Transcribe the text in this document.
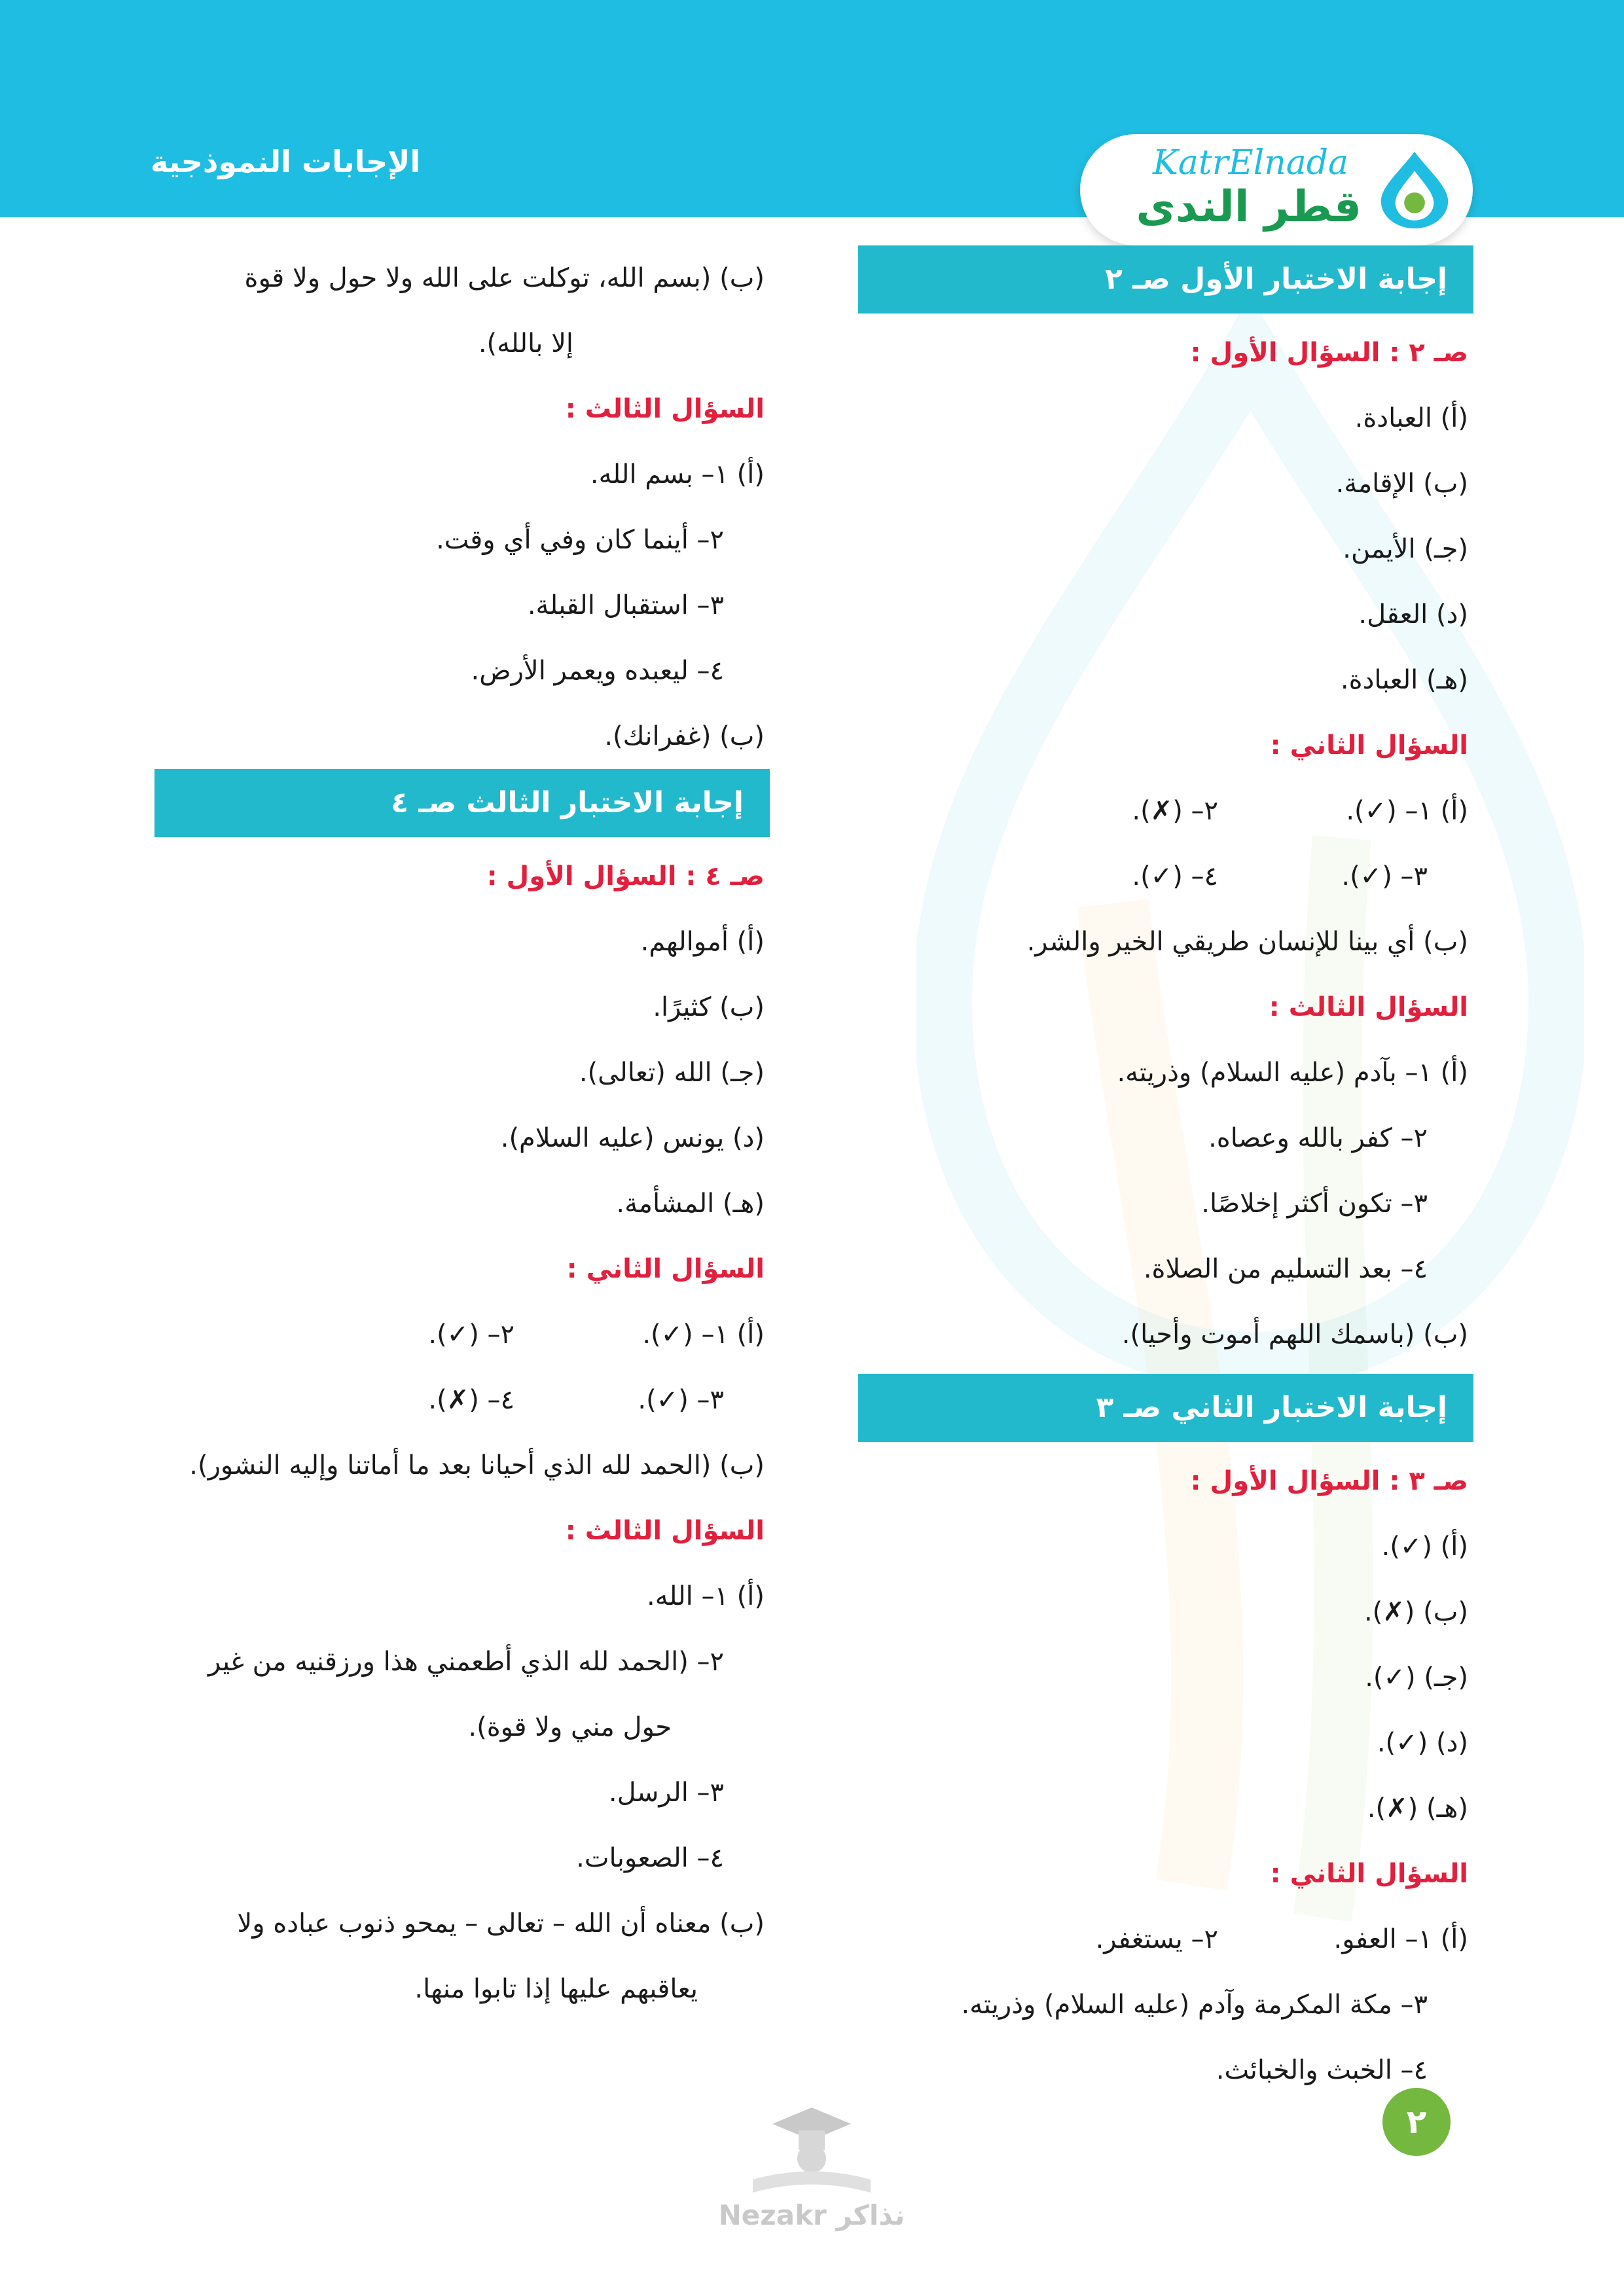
الإجابات النموذجية	KatrElnada
قطر الندى
إجابة الاختبار الأول صـ ٢
صـ ٢ : السؤال الأول :
(أ) العبادة.
(ب) الإقامة.
(جـ) الأيمن.
(د) العقل.
(هـ) العبادة.
السؤال الثاني :
(أ) ١– (✓).
٢– (✗).
٣– (✓).
٤– (✓).
(ب) أي بينا للإنسان طريقي الخير والشر.
السؤال الثالث :
(أ) ١– بآدم (عليه السلام) وذريته.
٢– كفر بالله وعصاه.
٣– تكون أكثر إخلاصًا.
٤– بعد التسليم من الصلاة.
(ب) (باسمك اللهم أموت وأحيا).
إجابة الاختبار الثاني صـ ٣
صـ ٣ : السؤال الأول :
(أ) (✓).
(ب) (✗).
(جـ) (✓).
(د) (✓).
(هـ) (✗).
السؤال الثاني :
(أ) ١– العفو.
٢– يستغفر.
٣– مكة المكرمة وآدم (عليه السلام) وذريته.
٤– الخبث والخبائث.
(ب) (بسم الله، توكلت على الله ولا حول ولا قوة
إلا بالله).
السؤال الثالث :
(أ) ١– بسم الله.
٢– أينما كان وفي أي وقت.
٣– استقبال القبلة.
٤– ليعبده ويعمر الأرض.
(ب) (غفرانك).
إجابة الاختبار الثالث صـ ٤
صـ ٤ : السؤال الأول :
(أ) أموالهم.
(ب) كثيرًا.
(جـ) الله (تعالى).
(د) يونس (عليه السلام).
(هـ) المشأمة.
السؤال الثاني :
(أ) ١– (✓).
٢– (✓).
٣– (✓).
٤– (✗).
(ب) (الحمد لله الذي أحيانا بعد ما أماتنا وإليه النشور).
السؤال الثالث :
(أ) ١– الله.
٢– (الحمد لله الذي أطعمني هذا ورزقنيه من غير
حول مني ولا قوة).
٣– الرسل.
٤– الصعوبات.
(ب) معناه أن الله – تعالى – يمحو ذنوب عباده ولا
يعاقبهم عليها إذا تابوا منها.
٢
Nezakr نذاكر
